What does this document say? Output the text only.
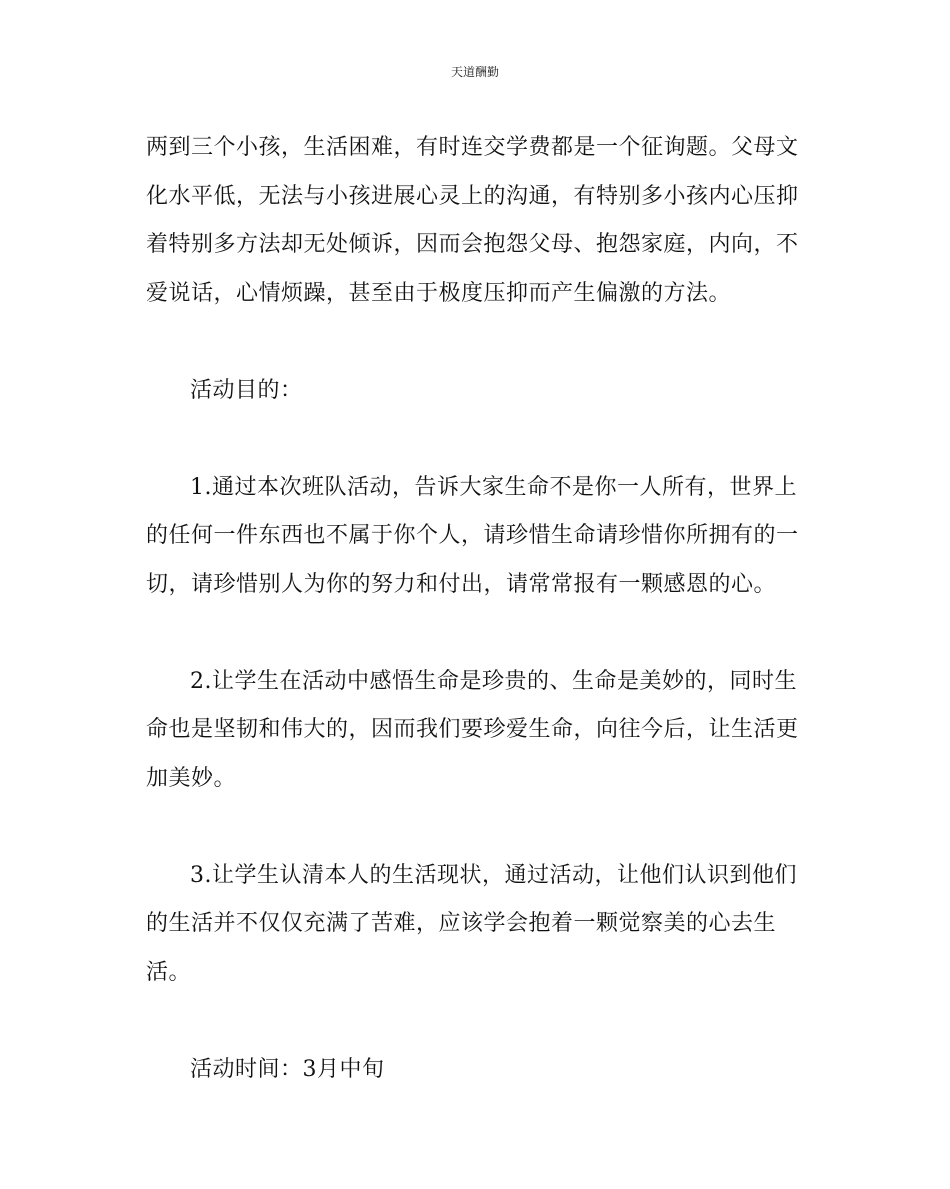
天道酬勤

两到三个小孩，生活困难，有时连交学费都是一个征询题。父母文化水平低，无法与小孩进展心灵上的沟通，有特别多小孩内心压抑着特别多方法却无处倾诉，因而会抱怨父母、抱怨家庭，内向，不爱说话，心情烦躁，甚至由于极度压抑而产生偏激的方法。

活动目的：

1.通过本次班队活动，告诉大家生命不是你一人所有，世界上的任何一件东西也不属于你个人，请珍惜生命请珍惜你所拥有的一切，请珍惜别人为你的努力和付出，请常常报有一颗感恩的心。

2.让学生在活动中感悟生命是珍贵的、生命是美妙的，同时生命也是坚韧和伟大的，因而我们要珍爱生命，向往今后，让生活更加美妙。

3.让学生认清本人的生活现状，通过活动，让他们认识到他们的生活并不仅仅充满了苦难，应该学会抱着一颗觉察美的心去生活。

活动时间：3月中旬
